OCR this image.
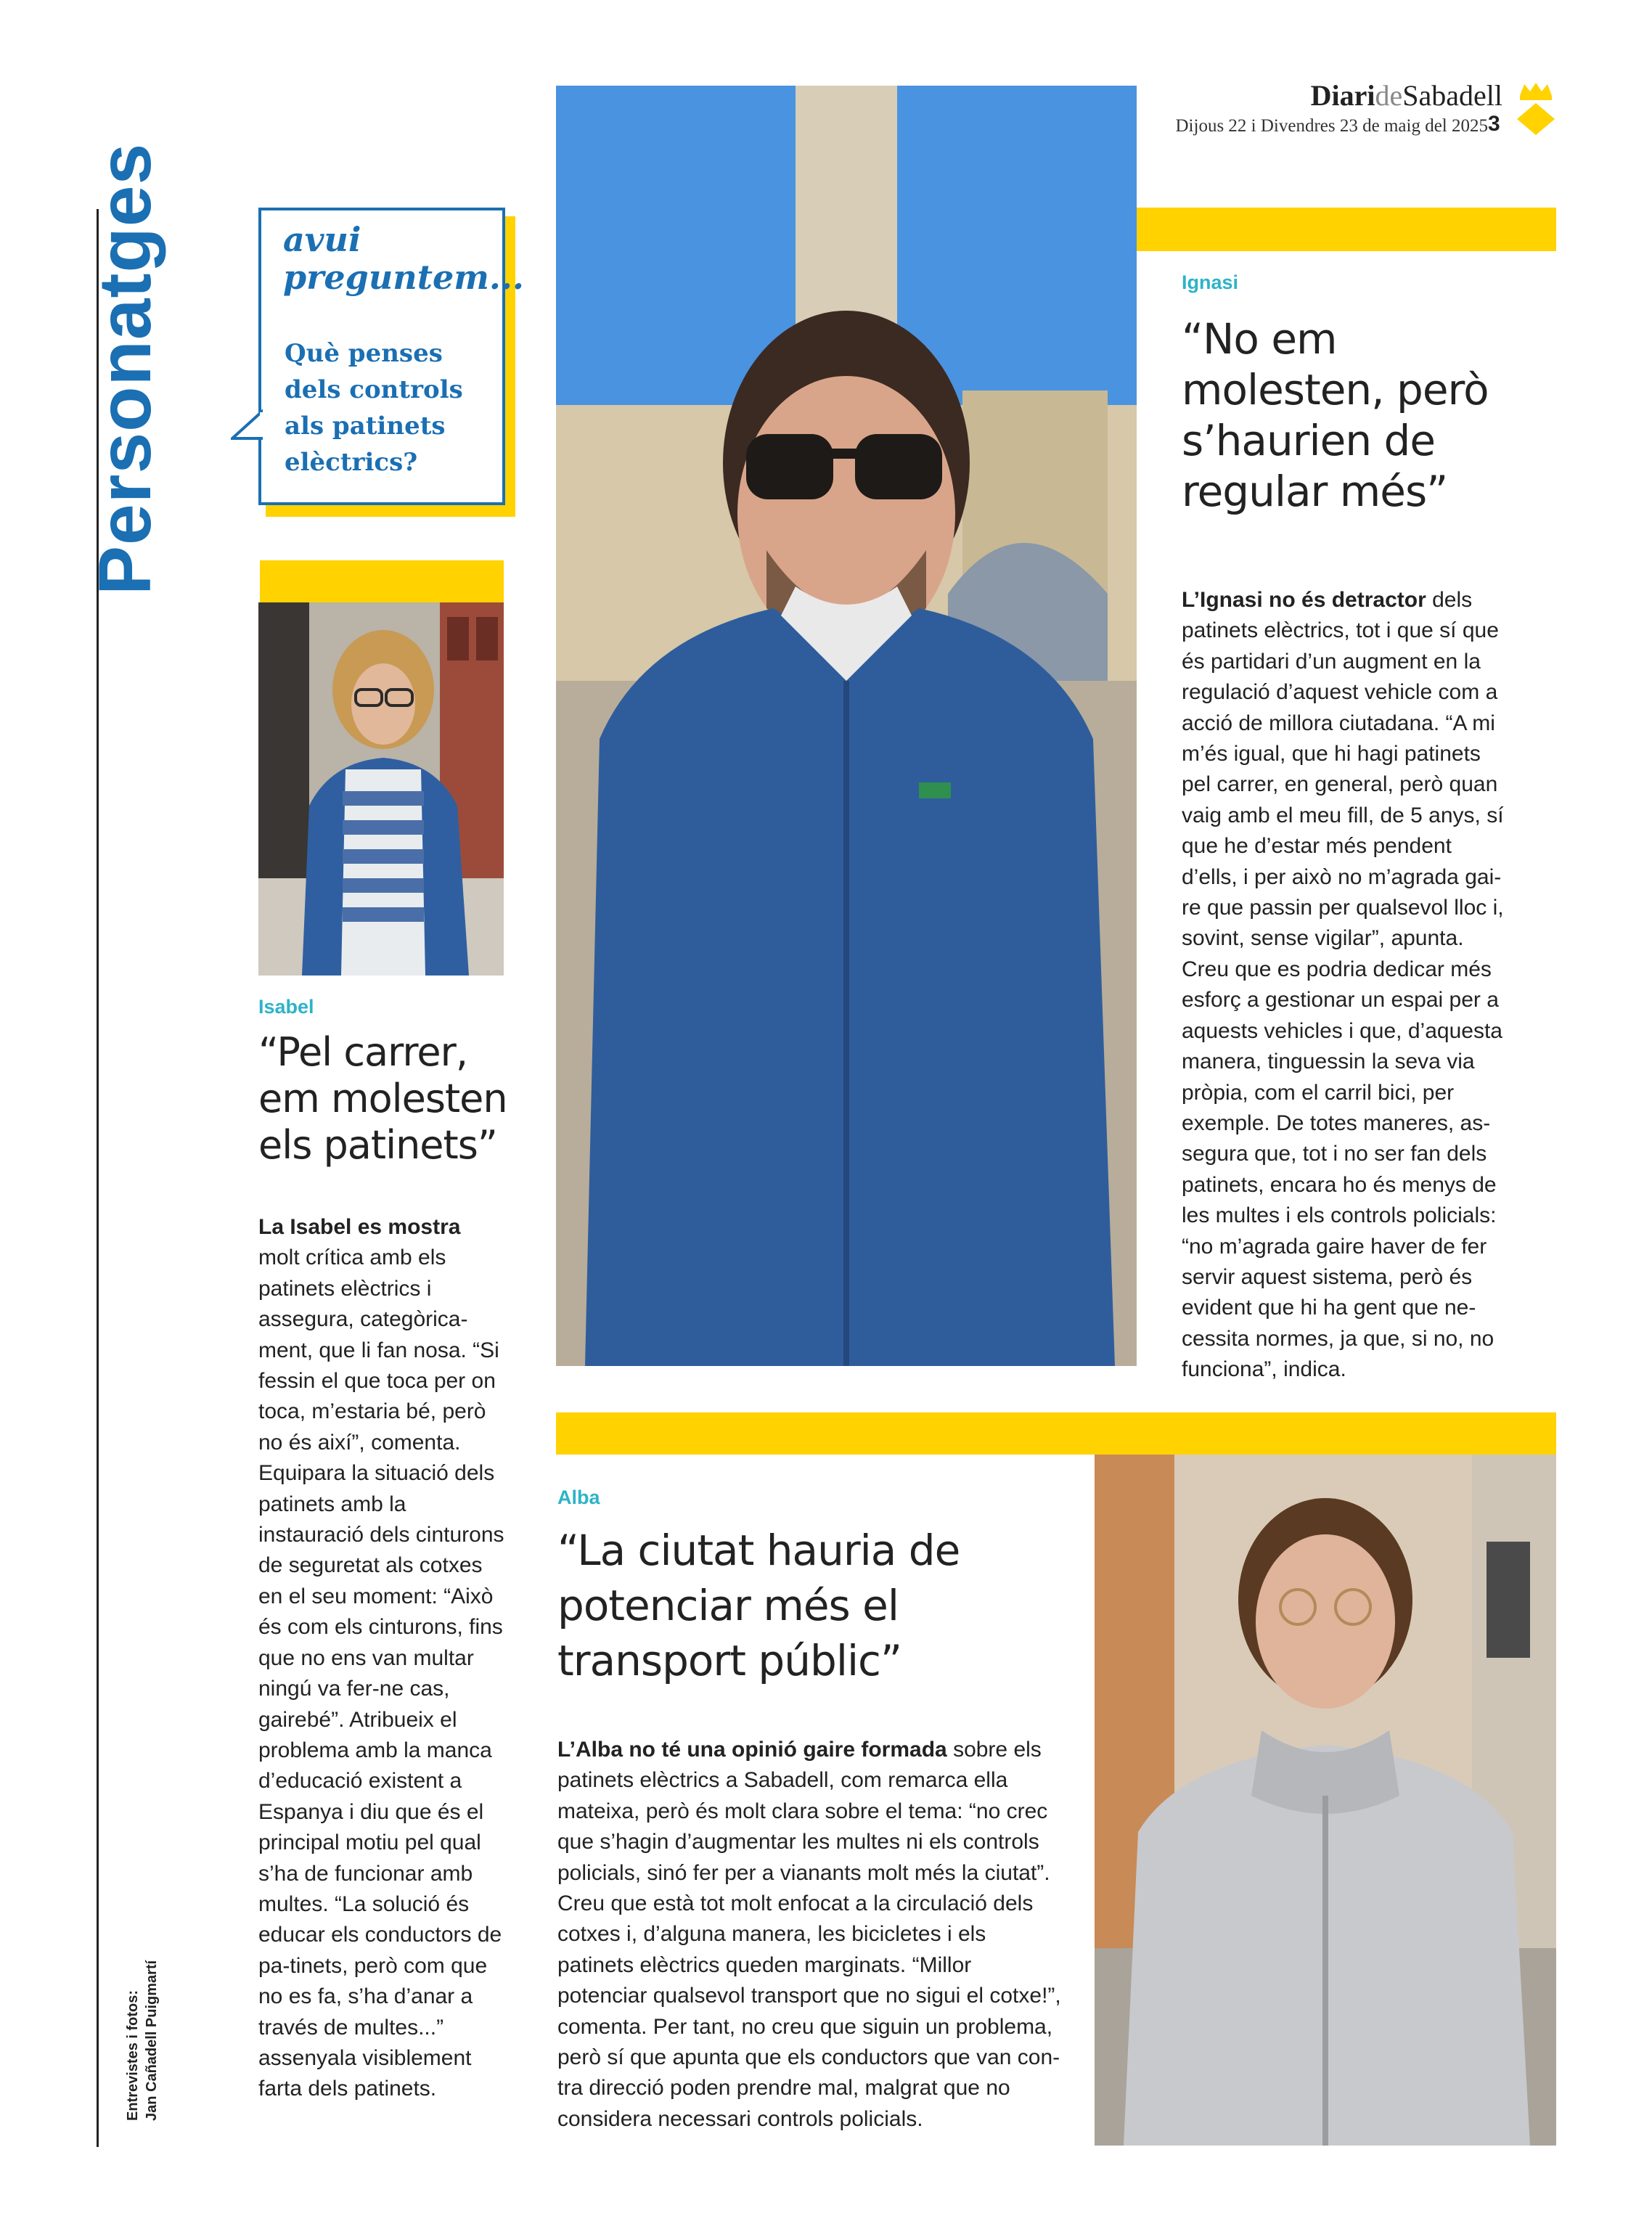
DiarideSabadell
Dijous 22 i Divendres 23 de maig del 2025 3
Personatges
Entrevistes i fotos: Jan Cañadell Puigmartí
avui preguntem...
Què penses dels controls als patinets elèctrics?
Isabel
“Pel carrer, em molesten els patinets”

La Isabel es mostra molt crítica amb els patinets elèctrics i assegura, categòrica-ment, que li fan nosa. “Si fessin el que toca per on toca, m’estaria bé, però no és així”, comenta. Equipara la situació dels patinets amb la instauració dels cinturons de seguretat als cotxes en el seu moment: “Això és com els cinturons, fins que no ens van multar ningú va fer-ne cas, gairebé”. Atribueix el problema amb la manca d’educació existent a Espanya i diu que és el principal motiu pel qual s’ha de funcionar amb multes. “La solució és educar els conductors de pa-tinets, però com que no es fa, s’ha d’anar a través de multes...” assenyala visiblement farta dels patinets.

Ignasi
“No em molesten, però s’haurien de regular més”

L’Ignasi no és detractor dels patinets elèctrics, tot i que sí que és partidari d’un augment en la regulació d’aquest vehicle com a acció de millora ciutadana. “A mi m’és igual, que hi hagi patinets pel carrer, en general, però quan vaig amb el meu fill, de 5 anys, sí que he d’estar més pendent d’ells, i per això no m’agrada gai-re que passin per qualsevol lloc i, sovint, sense vigilar”, apunta. Creu que es podria dedicar més esforç a gestionar un espai per a aquests vehicles i que, d’aquesta manera, tinguessin la seva via pròpia, com el carril bici, per exemple. De totes maneres, as-segura que, tot i no ser fan dels patinets, encara ho és menys de les multes i els controls policials: “no m’agrada gaire haver de fer servir aquest sistema, però és evident que hi ha gent que ne-cessita normes, ja que, si no, no funciona”, indica.

Alba
“La ciutat hauria de potenciar més el transport públic”

L’Alba no té una opinió gaire formada sobre els patinets elèctrics a Sabadell, com remarca ella mateixa, però és molt clara sobre el tema: “no crec que s’hagin d’augmentar les multes ni els controls policials, sinó fer per a vianants molt més la ciutat”. Creu que està tot molt enfocat a la circulació dels cotxes i, d’alguna manera, les bicicletes i els patinets elèctrics queden marginats. “Millor potenciar qualsevol transport que no sigui el cotxe!”, comenta. Per tant, no creu que siguin un problema, però sí que apunta que els conductors que van con-tra direcció poden prendre mal, malgrat que no considera necessari controls policials.
